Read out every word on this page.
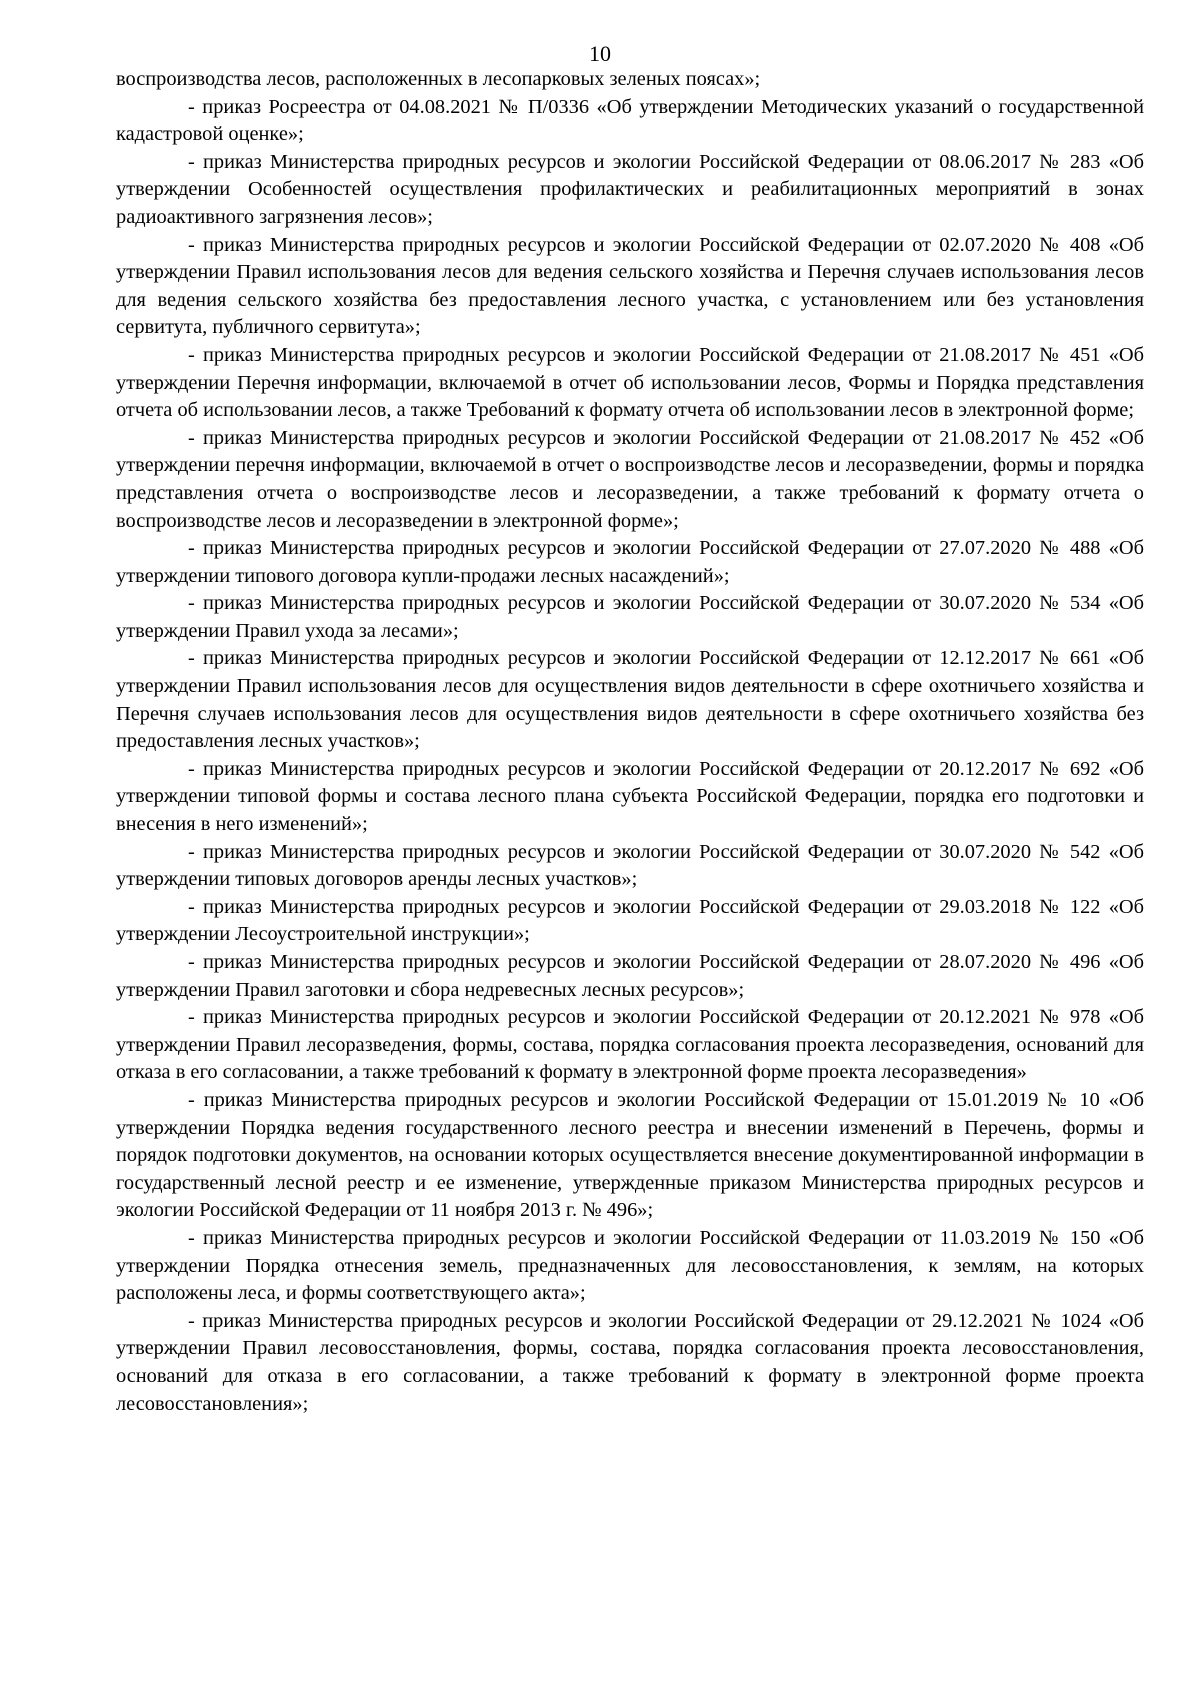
10

воспроизводства лесов, расположенных в лесопарковых зеленых поясах»;

- приказ Росреестра от 04.08.2021 № П/0336 «Об утверждении Методических указаний о государственной кадастровой оценке»;

- приказ Министерства природных ресурсов и экологии Российской Федерации от 08.06.2017 № 283 «Об утверждении Особенностей осуществления профилактических и реабилитационных мероприятий в зонах радиоактивного загрязнения лесов»;

- приказ Министерства природных ресурсов и экологии Российской Федерации от 02.07.2020 № 408 «Об утверждении Правил использования лесов для ведения сельского хозяйства и Перечня случаев использования лесов для ведения сельского хозяйства без предоставления лесного участка, с установлением или без установления сервитута, публичного сервитута»;

- приказ Министерства природных ресурсов и экологии Российской Федерации от 21.08.2017 № 451 «Об утверждении Перечня информации, включаемой в отчет об использовании лесов, Формы и Порядка представления отчета об использовании лесов, а также Требований к формату отчета об использовании лесов в электронной форме;

- приказ Министерства природных ресурсов и экологии Российской Федерации от 21.08.2017 № 452 «Об утверждении перечня информации, включаемой в отчет о воспроизводстве лесов и лесоразведении, формы и порядка представления отчета о воспроизводстве лесов и лесоразведении, а также требований к формату отчета о воспроизводстве лесов и лесоразведении в электронной форме»;

- приказ Министерства природных ресурсов и экологии Российской Федерации от 27.07.2020 № 488 «Об утверждении типового договора купли-продажи лесных насаждений»;

- приказ Министерства природных ресурсов и экологии Российской Федерации от 30.07.2020 № 534 «Об утверждении Правил ухода за лесами»;

- приказ Министерства природных ресурсов и экологии Российской Федерации от 12.12.2017 № 661 «Об утверждении Правил использования лесов для осуществления видов деятельности в сфере охотничьего хозяйства и Перечня случаев использования лесов для осуществления видов деятельности в сфере охотничьего хозяйства без предоставления лесных участков»;

- приказ Министерства природных ресурсов и экологии Российской Федерации от 20.12.2017 № 692 «Об утверждении типовой формы и состава лесного плана субъекта Российской Федерации, порядка его подготовки и внесения в него изменений»;

- приказ Министерства природных ресурсов и экологии Российской Федерации от 30.07.2020 № 542 «Об утверждении типовых договоров аренды лесных участков»;

- приказ Министерства природных ресурсов и экологии Российской Федерации от 29.03.2018 № 122 «Об утверждении Лесоустроительной инструкции»;

- приказ Министерства природных ресурсов и экологии Российской Федерации от 28.07.2020 № 496 «Об утверждении Правил заготовки и сбора недревесных лесных ресурсов»;

- приказ Министерства природных ресурсов и экологии Российской Федерации от 20.12.2021 № 978 «Об утверждении Правил лесоразведения, формы, состава, порядка согласования проекта лесоразведения, оснований для отказа в его согласовании, а также требований к формату в электронной форме проекта лесоразведения»

- приказ Министерства природных ресурсов и экологии Российской Федерации от 15.01.2019 № 10 «Об утверждении Порядка ведения государственного лесного реестра и внесении изменений в Перечень, формы и порядок подготовки документов, на основании которых осуществляется внесение документированной информации в государственный лесной реестр и ее изменение, утвержденные приказом Министерства природных ресурсов и экологии Российской Федерации от 11 ноября 2013 г. № 496»;

- приказ Министерства природных ресурсов и экологии Российской Федерации от 11.03.2019 № 150 «Об утверждении Порядка отнесения земель, предназначенных для лесовосстановления, к землям, на которых расположены леса, и формы соответствующего акта»;

- приказ Министерства природных ресурсов и экологии Российской Федерации от 29.12.2021 № 1024 «Об утверждении Правил лесовосстановления, формы, состава, порядка согласования проекта лесовосстановления, оснований для отказа в его согласовании, а также требований к формату в электронной форме проекта лесовосстановления»;
